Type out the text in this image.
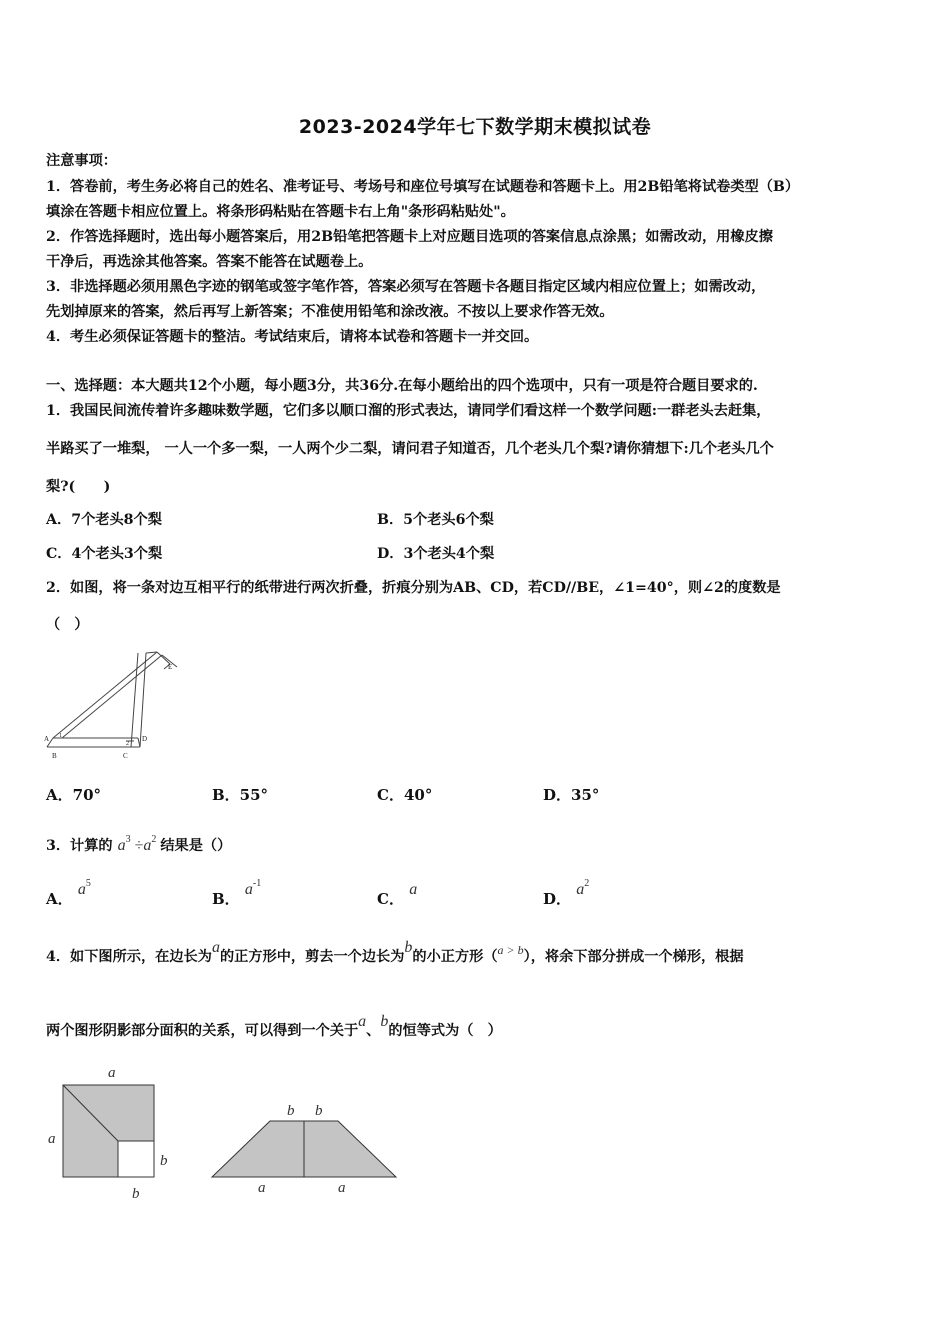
2023-2024学年七下数学期末模拟试卷
注意事项：
1．答卷前，考生务必将自己的姓名、准考证号、考场号和座位号填写在试题卷和答题卡上。用2B铅笔将试卷类型（B）
填涂在答题卡相应位置上。将条形码粘贴在答题卡右上角"条形码粘贴处"。
2．作答选择题时，选出每小题答案后，用2B铅笔把答题卡上对应题目选项的答案信息点涂黑；如需改动，用橡皮擦
干净后，再选涂其他答案。答案不能答在试题卷上。
3．非选择题必须用黑色字迹的钢笔或签字笔作答，答案必须写在答题卡各题目指定区域内相应位置上；如需改动，
先划掉原来的答案，然后再写上新答案；不准使用铅笔和涂改液。不按以上要求作答无效。
4．考生必须保证答题卡的整洁。考试结束后，请将本试卷和答题卡一并交回。
一、选择题：本大题共12个小题，每小题3分，共36分.在每小题给出的四个选项中，只有一项是符合题目要求的.
1．我国民间流传着许多趣味数学题，它们多以顺口溜的形式表达，请同学们看这样一个数学问题:一群老头去赶集，
半路买了一堆梨， 一人一个多一梨，一人两个少二梨，请问君子知道否，几个老头几个梨?请你猜想下:几个老头几个
梨?(　　)
A．7个老头8个梨	B．5个老头6个梨
C．4个老头3个梨	D．3个老头4个梨
2．如图，将一条对边互相平行的纸带进行两次折叠，折痕分别为AB、CD，若CD//BE，∠1=40°，则∠2的度数是
（　）
A
B	C
D
E
1
2
A．70°	B．55°	C．40°	D．35°
3．计算的 $a^3 \div a^2$ 结果是（）
A． $a^5$
B． $a^{-1}$
C． a
D． $a^2$
4．如下图所示，在边长为a的正方形中，剪去一个边长为b的小正方形（$^{a > b}$），将余下部分拼成一个梯形，根据
两个图形阴影部分面积的关系，可以得到一个关于a、b的恒等式为（　）
a
a
b
b
b b
a	a
